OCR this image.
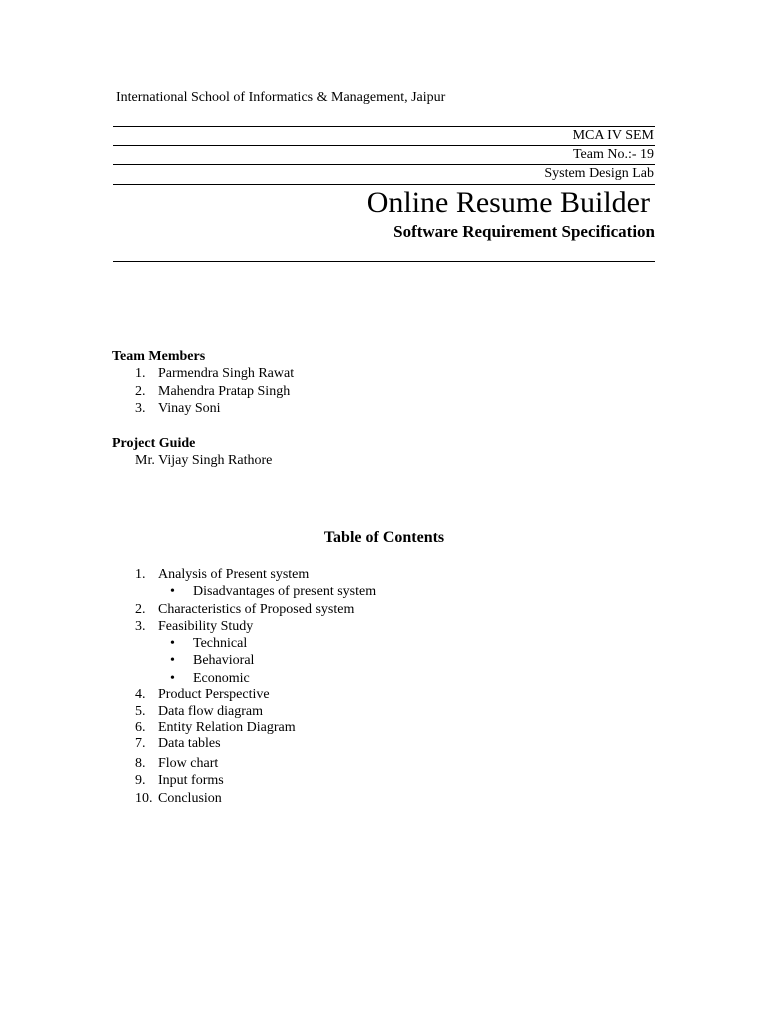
International School of Informatics & Management, Jaipur
MCA IV SEM
Team No.:- 19
System Design Lab
Online Resume Builder
Software Requirement Specification
Team Members
1. Parmendra Singh Rawat
2. Mahendra Pratap Singh
3. Vinay Soni
Project Guide
Mr. Vijay Singh Rathore
Table of Contents
1. Analysis of Present system
• Disadvantages of present system
2. Characteristics of Proposed system
3. Feasibility Study
• Technical
• Behavioral
• Economic
4. Product Perspective
5. Data flow diagram
6. Entity Relation Diagram
7. Data tables
8. Flow chart
9. Input forms
10. Conclusion
